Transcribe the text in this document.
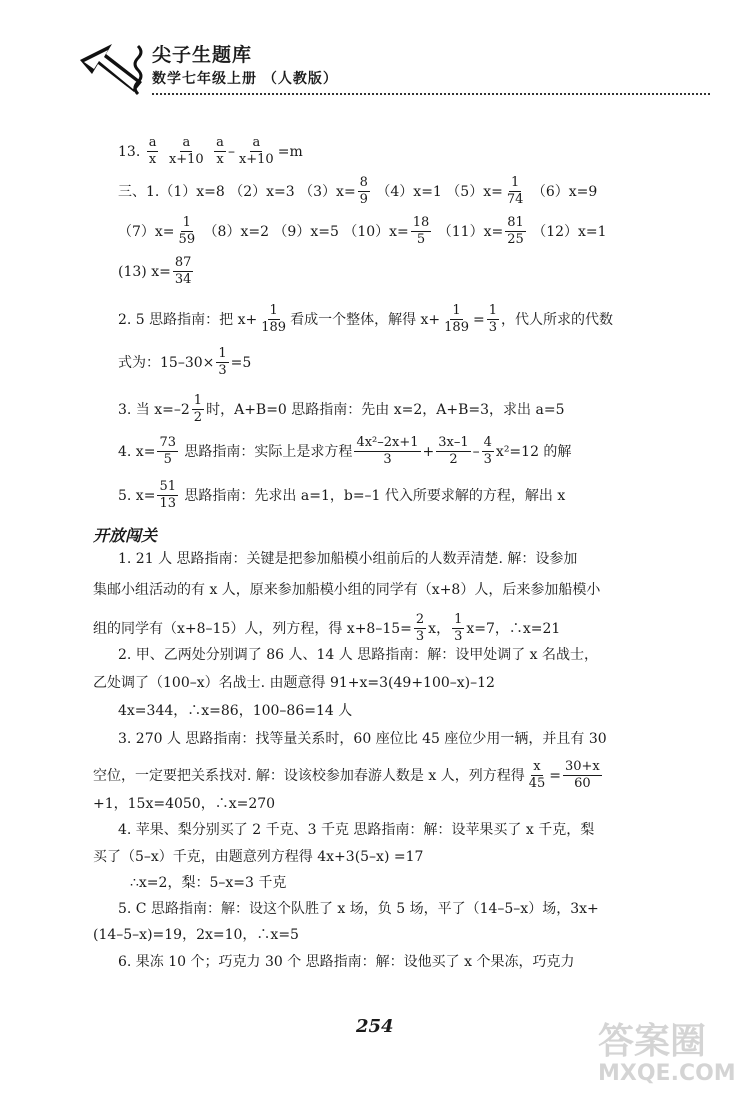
尖子生题库
数学七年级上册 （人教版）
13. $\frac{a}{x}$
$\frac{a}{x+10}$
$\frac{a}{x} - \frac{a}{x+10} =m$
三、1.（1）x=8 （2）x=3 $(3)x= \frac{8}{9} (4)x=1$ $(5)x= \frac{1}{74} (6)x=9$
$(7)x= \frac{1}{59} (8)x=2$ （9）x=5 $(10)x= \frac{18}{5} (11)x= \frac{81}{25} (12)x=1$
(13) $x= \frac{87}{34}$
2. 5 思路指南：把 $x+ \frac{1}{189}$ 看成一个整体，解得 $x+ \frac{1}{189} = \frac{1}{3}$ ，代人所求的代数
式为：$15-30\times \frac{1}{3} =5$
3. 当 $x=-2 \frac{1}{2}$ 时，A+B=0 思路指南：先由 x=2，A+B=3，求出 a=5
4. $x= \frac{73}{5}$ 思路指南：实际上是求方程 $\frac{\text{4x²–2x+1}}{3} + \frac{3x-1}{2} - \frac{4}{3} x^2=12$ 的解
5. $x= \frac{51}{13}$ 思路指南：先求出 a=1，b=–1 代入所要求解的方程，解出 x
开放闯关
1. 21 人 思路指南：关键是把参加船模小组前后的人数弄清楚. 解：设参加
集邮小组活动的有 x 人，原来参加船模小组的同学有（x+8）人，后来参加船模小
组的同学有（x+8–15）人，列方程，得 $x+8-15= \frac{2}{3}$ x， $\frac{1}{3} x=7$，∴x=21
2. 甲、乙两处分别调了 86 人、14 人 思路指南：解：设甲处调了 x 名战士，
乙处调了（100–x）名战士. 由题意得 91+x=3(49+100–x)–12
4x=344，∴x=86，100–86=14 人
3. 270 人 思路指南：找等量关系时，60 座位比 45 座位少用一辆，并且有 30
空位，一定要把关系找对. 解：设该校参加春游人数是 x 人，列方程得 $\frac{x}{45} = \frac{30+x}{60}$
+1，15x=4050，∴x=270
4. 苹果、梨分别买了 2 千克、3 千克 思路指南：解：设苹果买了 x 千克，梨
买了（5–x）千克，由题意列方程得 4x+3(5–x) =17
∴x=2，梨：5–x=3 千克
5. C 思路指南：解：设这个队胜了 x 场，负 5 场，平了（14–5–x）场，3x+
(14–5–x)=19，2x=10，∴x=5
6. 果冻 10 个；巧克力 30 个 思路指南：解：设他买了 x 个果冻，巧克力
254	答案圈
MXQE.COM
